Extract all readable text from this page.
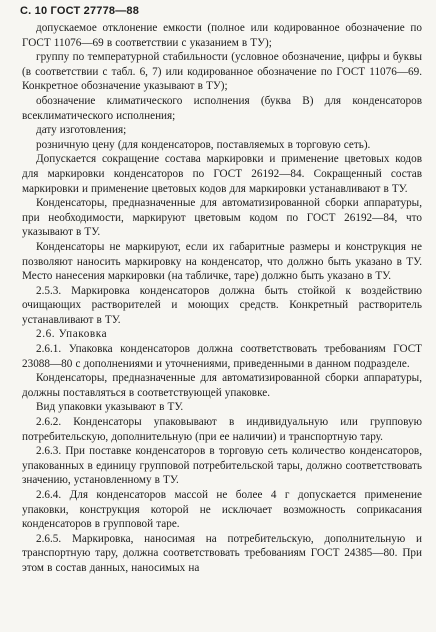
С. 10 ГОСТ 27778—88

допускаемое отклонение емкости (полное или кодированное обозначение по ГОСТ 11076—69 в соответствии с указанием в ТУ);

группу по температурной стабильности (условное обозначение, цифры и буквы (в соответствии с табл. 6, 7) или кодированное обозначение по ГОСТ 11076—69. Конкретное обозначение указывают в ТУ);

обозначение климатического исполнения (буква В) для конденсаторов всеклиматического исполнения;

дату изготовления;

розничную цену (для конденсаторов, поставляемых в торговую сеть).

Допускается сокращение состава маркировки и применение цветовых кодов для маркировки конденсаторов по ГОСТ 26192—84. Сокращенный состав маркировки и применение цветовых кодов для маркировки устанавливают в ТУ.

Конденсаторы, предназначенные для автоматизированной сборки аппаратуры, при необходимости, маркируют цветовым кодом по ГОСТ 26192—84, что указывают в ТУ.

Конденсаторы не маркируют, если их габаритные размеры и конструкция не позволяют наносить маркировку на конденсатор, что должно быть указано в ТУ. Место нанесения маркировки (на табличке, таре) должно быть указано в ТУ.

2.5.3. Маркировка конденсаторов должна быть стойкой к воздействию очищающих растворителей и моющих средств. Конкретный растворитель устанавливают в ТУ.

2.6. Упаковка

2.6.1. Упаковка конденсаторов должна соответствовать требованиям ГОСТ 23088—80 с дополнениями и уточнениями, приведенными в данном подразделе.

Конденсаторы, предназначенные для автоматизированной сборки аппаратуры, должны поставляться в соответствующей упаковке.

Вид упаковки указывают в ТУ.

2.6.2. Конденсаторы упаковывают в индивидуальную или групповую потребительскую, дополнительную (при ее наличии) и транспортную тару.

2.6.3. При поставке конденсаторов в торговую сеть количество конденсаторов, упакованных в единицу групповой потребительской тары, должно соответствовать значению, установленному в ТУ.

2.6.4. Для конденсаторов массой не более 4 г допускается применение упаковки, конструкция которой не исключает возможность соприкасания конденсаторов в групповой таре.

2.6.5. Маркировка, наносимая на потребительскую, дополнительную и транспортную тару, должна соответствовать требованиям ГОСТ 24385—80. При этом в состав данных, наносимых на
